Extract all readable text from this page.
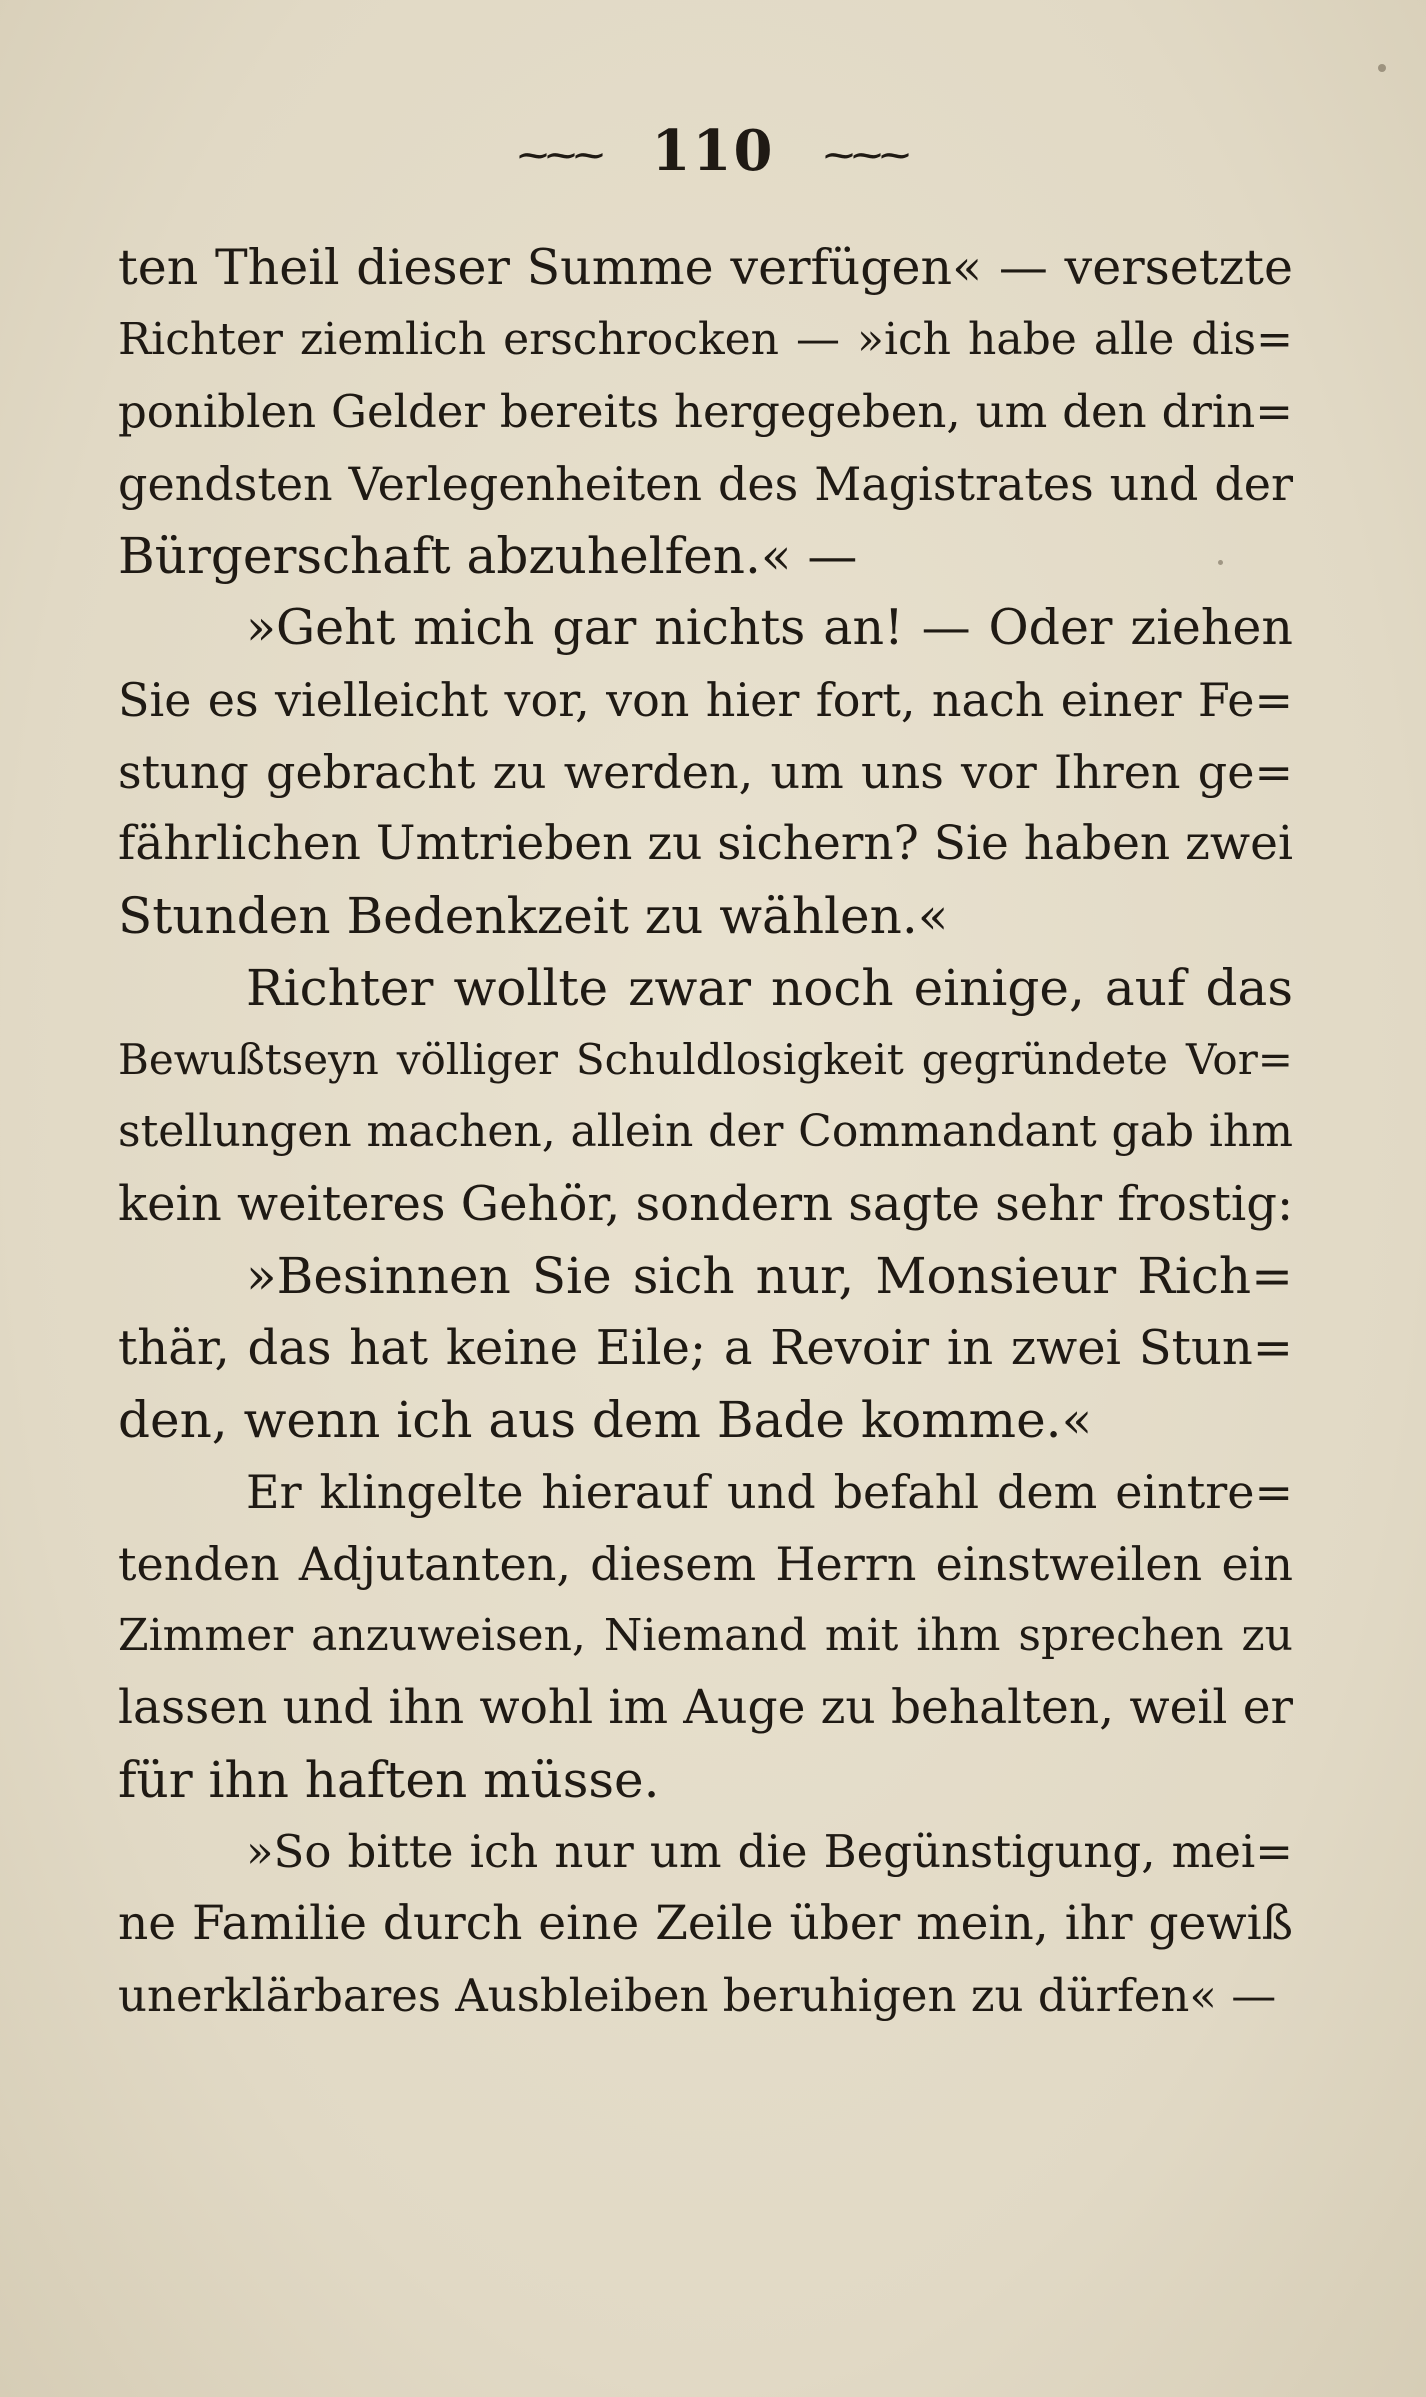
⁓⁓⁓ 110 ⁓⁓⁓
ten Theil dieser Summe verfügen« — versetzte
Richter ziemlich erschrocken — »ich habe alle dis=
poniblen Gelder bereits hergegeben, um den drin=
gendsten Verlegenheiten des Magistrates und der
Bürgerschaft abzuhelfen.« —
»Geht mich gar nichts an! — Oder ziehen
Sie es vielleicht vor, von hier fort, nach einer Fe=
stung gebracht zu werden, um uns vor Ihren ge=
fährlichen Umtrieben zu sichern? Sie haben zwei
Stunden Bedenkzeit zu wählen.«
Richter wollte zwar noch einige, auf das
Bewußtseyn völliger Schuldlosigkeit gegründete Vor=
stellungen machen, allein der Commandant gab ihm
kein weiteres Gehör, sondern sagte sehr frostig:
»Besinnen Sie sich nur, Monsieur Rich=
thär, das hat keine Eile; a Revoir in zwei Stun=
den, wenn ich aus dem Bade komme.«
Er klingelte hierauf und befahl dem eintre=
tenden Adjutanten, diesem Herrn einstweilen ein
Zimmer anzuweisen, Niemand mit ihm sprechen zu
lassen und ihn wohl im Auge zu behalten, weil er
für ihn haften müsse.
»So bitte ich nur um die Begünstigung, mei=
ne Familie durch eine Zeile über mein, ihr gewiß
unerklärbares Ausbleiben beruhigen zu dürfen« —
